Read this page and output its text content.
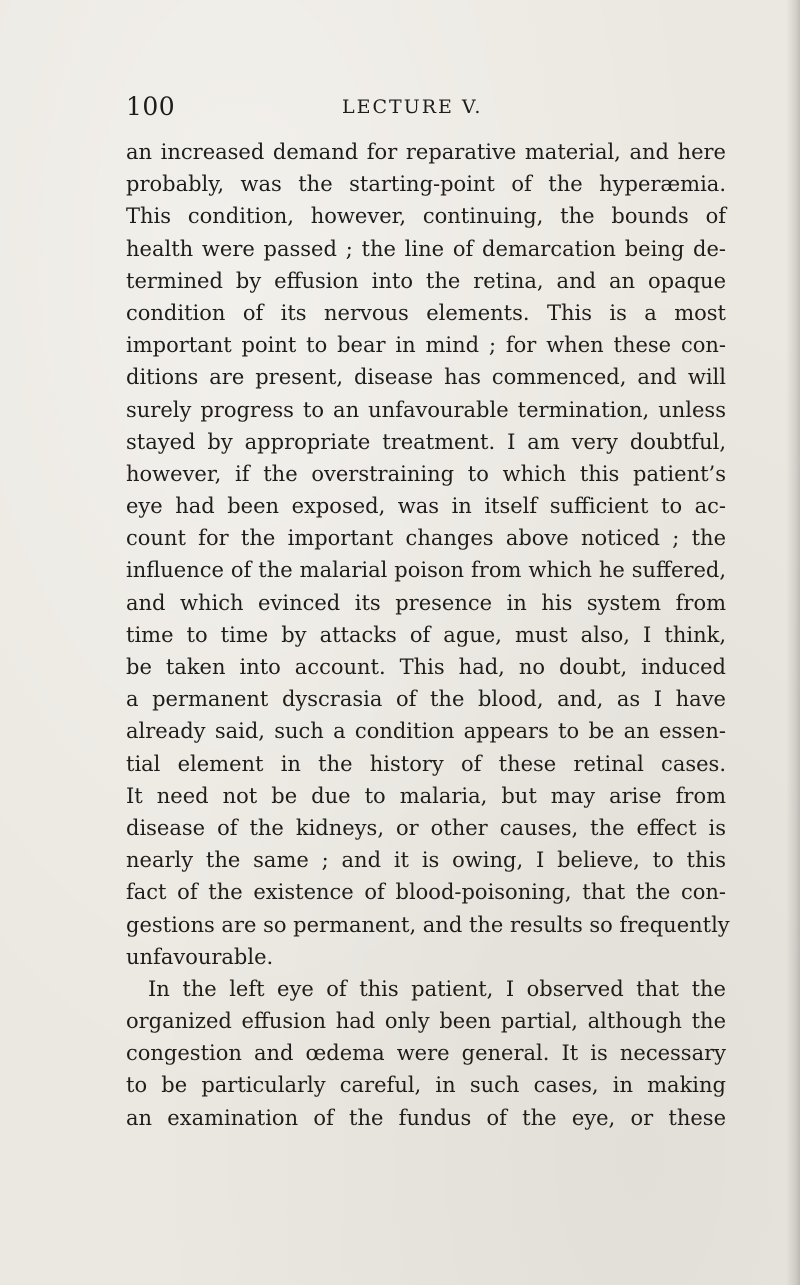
100	LECTURE V.
an increased demand for reparative material, and here
probably, was the starting-point of the hyperæmia.
This condition, however, continuing, the bounds of
health were passed ; the line of demarcation being de-
termined by effusion into the retina, and an opaque
condition of its nervous elements. This is a most
important point to bear in mind ; for when these con-
ditions are present, disease has commenced, and will
surely progress to an unfavourable termination, unless
stayed by appropriate treatment. I am very doubtful,
however, if the overstraining to which this patient’s
eye had been exposed, was in itself sufficient to ac-
count for the important changes above noticed ; the
influence of the malarial poison from which he suffered,
and which evinced its presence in his system from
time to time by attacks of ague, must also, I think,
be taken into account. This had, no doubt, induced
a permanent dyscrasia of the blood, and, as I have
already said, such a condition appears to be an essen-
tial element in the history of these retinal cases.
It need not be due to malaria, but may arise from
disease of the kidneys, or other causes, the effect is
nearly the same ; and it is owing, I believe, to this
fact of the existence of blood-poisoning, that the con-
gestions are so permanent, and the results so frequently
unfavourable.
In the left eye of this patient, I observed that the
organized effusion had only been partial, although the
congestion and œdema were general. It is necessary
to be particularly careful, in such cases, in making
an examination of the fundus of the eye, or these
